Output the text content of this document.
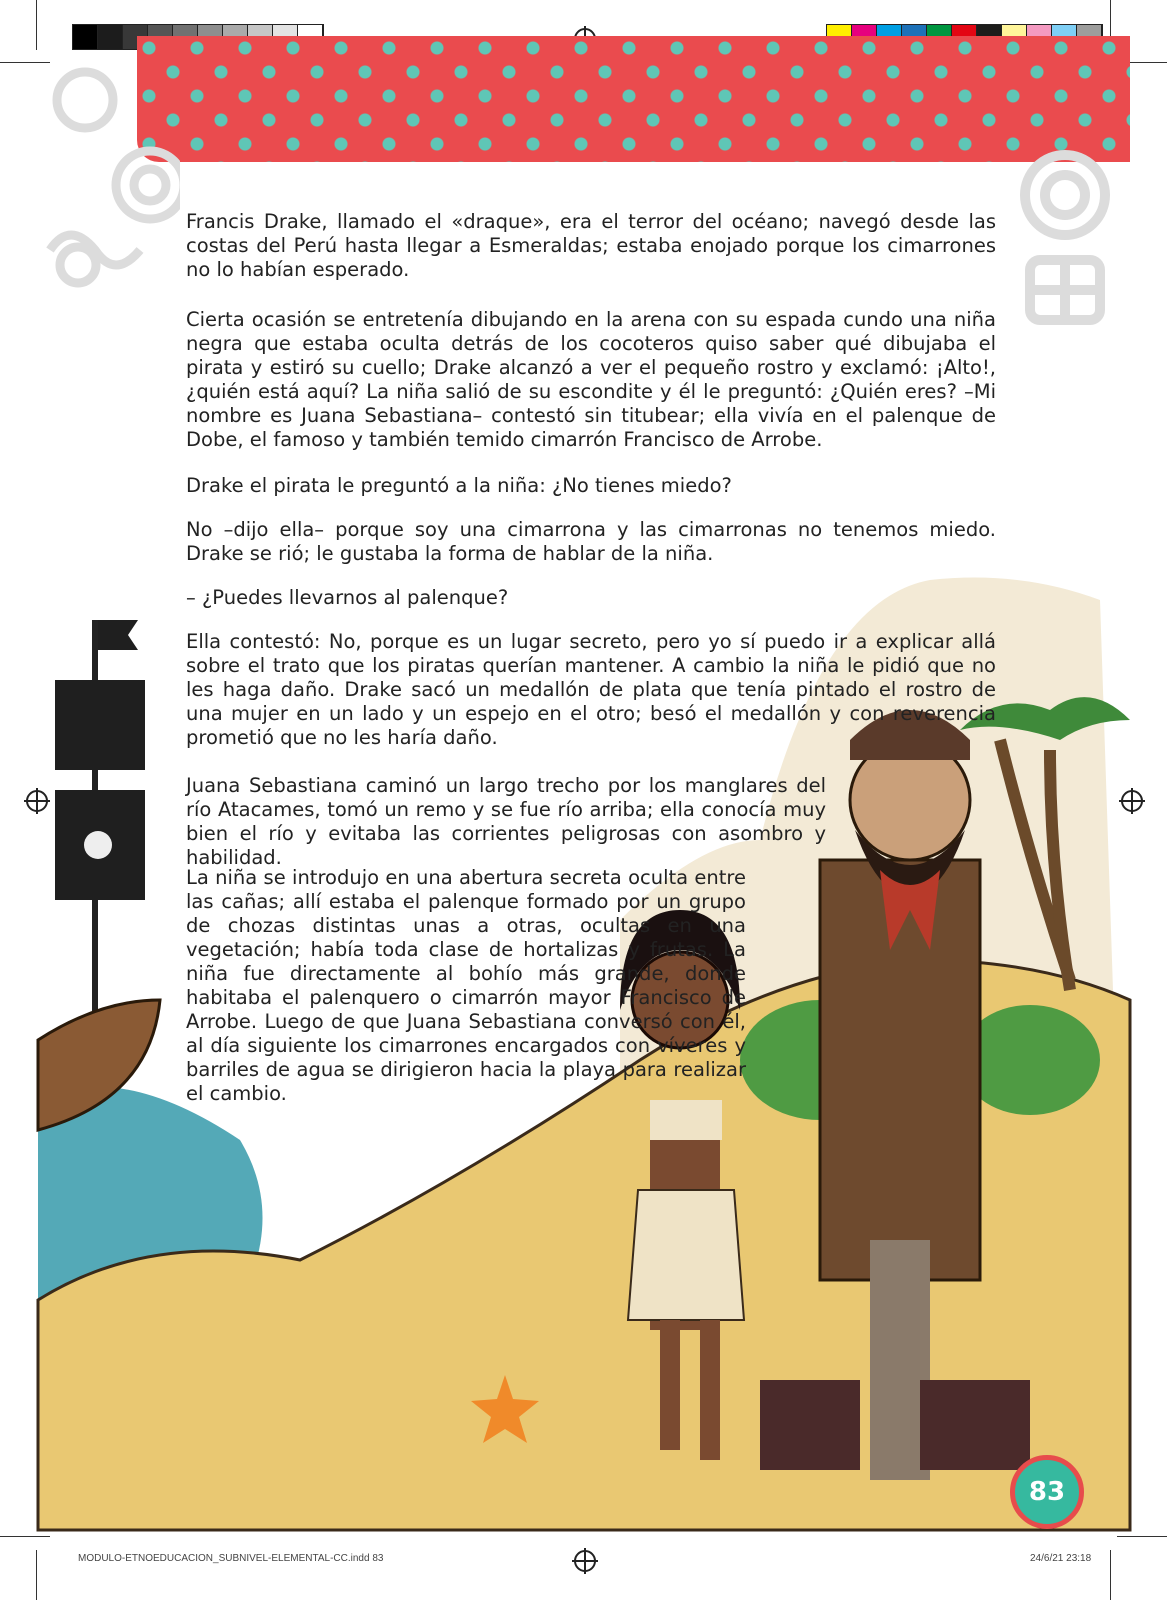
Francis Drake, llamado el «draque», era el terror del océano; navegó desde las costas del Perú hasta llegar a Esmeraldas; estaba enojado porque los cimarrones no lo habían esperado.

Cierta ocasión se entretenía dibujando en la arena con su espada cundo una niña negra que estaba oculta detrás de los cocoteros quiso saber qué dibujaba el pirata y estiró su cuello; Drake alcanzó a ver el pequeño rostro y exclamó: ¡Alto!, ¿quién está aquí? La niña salió de su escondite y él le preguntó: ¿Quién eres? –Mi nombre es Juana Sebastiana– contestó sin titubear; ella vivía en el palenque de Dobe, el famoso y también temido cimarrón Francisco de Arrobe.

Drake el pirata le preguntó a la niña: ¿No tienes miedo?

No –dijo ella– porque soy una cimarrona y las cimarronas no tenemos miedo. Drake se rió; le gustaba la forma de hablar de la niña.

– ¿Puedes llevarnos al palenque?

Ella contestó: No, porque es un lugar secreto, pero yo sí puedo ir a explicar allá sobre el trato que los piratas querían mantener. A cambio la niña le pidió que no les haga daño. Drake sacó un medallón de plata que tenía pintado el rostro de una mujer en un lado y un espejo en el otro; besó el medallón y con reverencia prometió que no les haría daño.

Juana Sebastiana caminó un largo trecho por los manglares del río Atacames, tomó un remo y se fue río arriba; ella conocía muy bien el río y evitaba las corrientes peligrosas con asombro y habilidad.

La niña se introdujo en una abertura secreta oculta entre las cañas; allí estaba el palenque formado por un grupo de chozas distintas unas a otras, ocultas en una vegetación; había toda clase de hortalizas y frutas. La niña fue directamente al bohío más grande, donde habitaba el palenquero o cimarrón mayor Francisco de Arrobe. Luego de que Juana Sebastiana conversó con él, al día siguiente los cimarrones encargados con víveres y barriles de agua se dirigieron hacia la playa para realizar el cambio.

83
MODULO-ETNOEDUCACION_SUBNIVEL-ELEMENTAL-CC.indd 83	24/6/21 23:18
